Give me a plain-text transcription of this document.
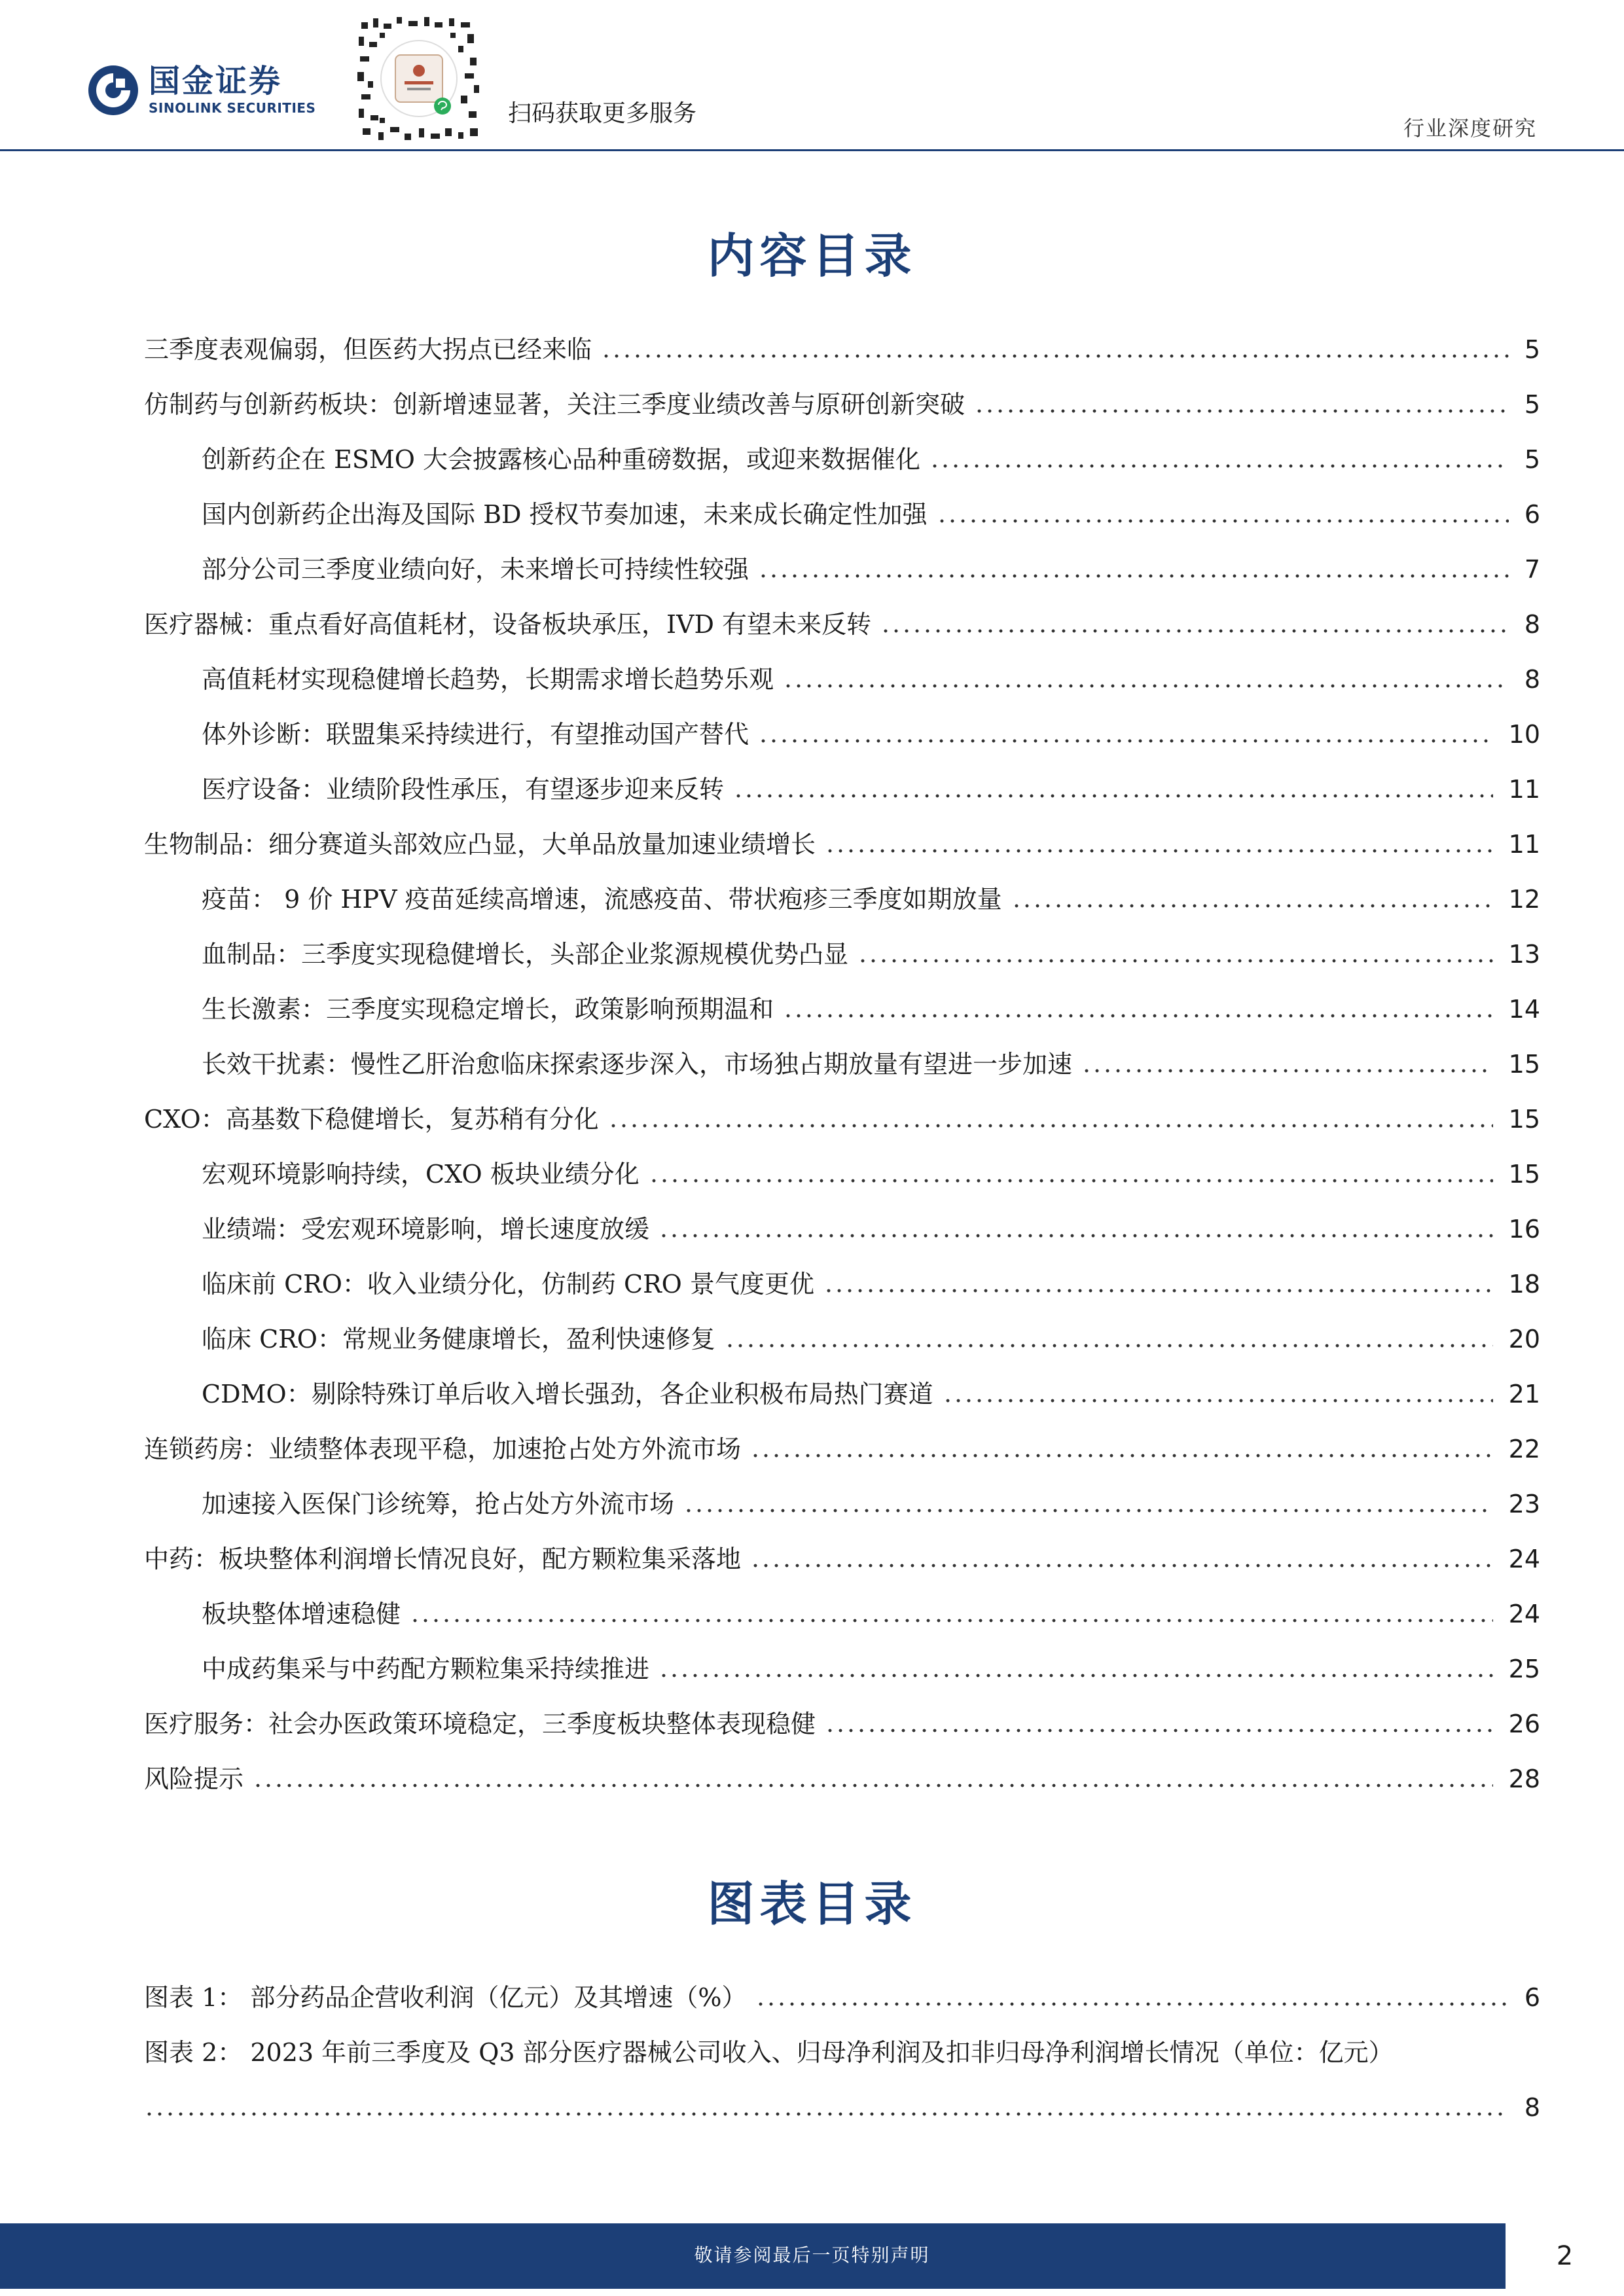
国金证券
SINOLINK SECURITIES	扫码获取更多服务
行业深度研究
内容目录
三季度表观偏弱，但医药大拐点已经来临	5
仿制药与创新药板块：创新增速显著，关注三季度业绩改善与原研创新突破	5
创新药企在 ESMO 大会披露核心品种重磅数据，或迎来数据催化	5
国内创新药企出海及国际 BD 授权节奏加速，未来成长确定性加强	6
部分公司三季度业绩向好，未来增长可持续性较强	7
医疗器械：重点看好高值耗材，设备板块承压，IVD 有望未来反转	8
高值耗材实现稳健增长趋势，长期需求增长趋势乐观	8
体外诊断：联盟集采持续进行，有望推动国产替代	10
医疗设备：业绩阶段性承压，有望逐步迎来反转	11
生物制品：细分赛道头部效应凸显，大单品放量加速业绩增长	11
疫苗： 9 价 HPV 疫苗延续高增速，流感疫苗、带状疱疹三季度如期放量	12
血制品：三季度实现稳健增长，头部企业浆源规模优势凸显	13
生长激素：三季度实现稳定增长，政策影响预期温和	14
长效干扰素：慢性乙肝治愈临床探索逐步深入，市场独占期放量有望进一步加速	15
CXO：高基数下稳健增长，复苏稍有分化	15
宏观环境影响持续，CXO 板块业绩分化	15
业绩端：受宏观环境影响，增长速度放缓	16
临床前 CRO：收入业绩分化，仿制药 CRO 景气度更优	18
临床 CRO：常规业务健康增长，盈利快速修复	20
CDMO：剔除特殊订单后收入增长强劲，各企业积极布局热门赛道	21
连锁药房：业绩整体表现平稳，加速抢占处方外流市场	22
加速接入医保门诊统筹，抢占处方外流市场	23
中药：板块整体利润增长情况良好，配方颗粒集采落地	24
板块整体增速稳健	24
中成药集采与中药配方颗粒集采持续推进	25
医疗服务：社会办医政策环境稳定，三季度板块整体表现稳健	26
风险提示	28
图表目录
图表 1： 部分药品企营收利润（亿元）及其增速（%）	6
图表 2： 2023 年前三季度及 Q3 部分医疗器械公司收入、归母净利润及扣非归母净利润增长情况（单位：亿元）
8
敬请参阅最后一页特别声明	2
